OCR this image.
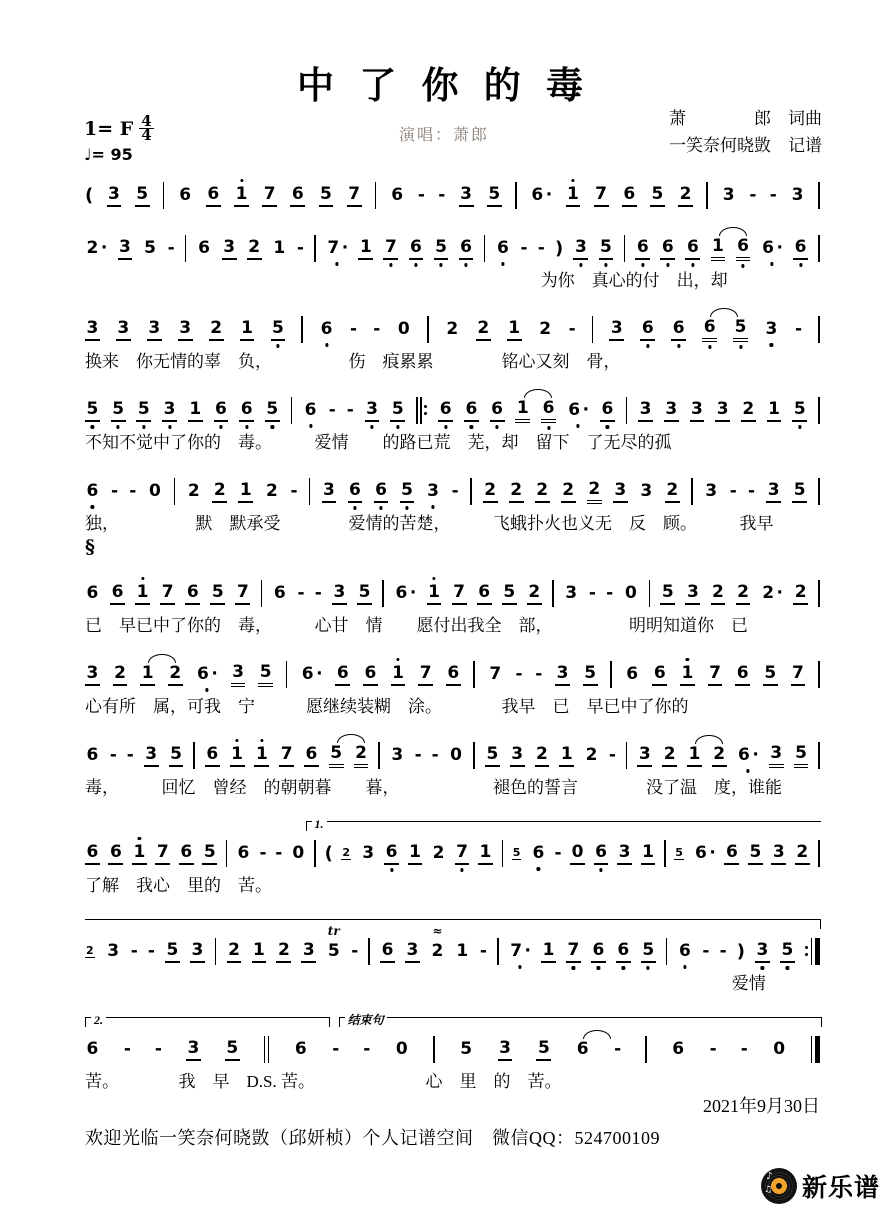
中 了 你 的 毒
演唱：萧郎
萧　　　　郎　词曲
一笑奈何晓敳　记谱
1= F 4
4
♩= 95
( 3 5 6 6 1 7 6 5 7 6 - - 3 5 6 · 1 7 6 5 2 3 - - 3
2 · 3 5 - 6 3 2 1 - 7 · 1 7 6 5 6 6 - - ) 3 5 6 6 6 1 6 6 · 6
为你　真心的付　出，却
3 3 3 3 2 1 5 6 - - 0 2 2 1 2 - 3 6 6 6 5 3 -
换来　你无情的辜　负，　　　　　伤　痕累累　　　　铭心又刻　骨，
5 5 5 3 1 6 6 5 6 - - 3 5 6 6 6 1 6 6 · 6 3 3 3 3 2 1 5
不知不觉中了你的　毒。　　　爱情　　的路已荒　芜，却　留下　了无尽的孤
6 - - 0 2 2 1 2 - 3 6 6 5 3 - 2 2 2 2 2 3 3 2 3 - - 3 5
独，　　　　　默　默承受　　　　爱情的苦楚，　　　飞蛾扑火也义无　反　顾。　　　我早
§
6 6 1 7 6 5 7 6 - - 3 5 6 · 1 7 6 5 2 3 - - 0 5 3 2 2 2 · 2
已　早已中了你的　毒，　　　心甘　情　　愿付出我全　部，　　　　　明明知道你　已
3 2 1 2 6 · 3 5 6 · 6 6 1 7 6 7 - - 3 5 6 6 1 7 6 5 7
心有所　属，可我　宁　　　愿继续装糊　涂。　　　　我早　已　早已中了你的
6 - - 3 5 6 1 1 7 6 5 2 3 - - 0 5 3 2 1 2 - 3 2 1 2 6 · 3 5
毒，　　　回忆　曾经　的朝朝暮　　暮，　　　　　　褪色的誓言　　　　没了温　度，谁能
1.
6 6 1 7 6 5 6 - - 0 ( 2 3 6 1 2 7 1 5 6 - 0 6 3 1 5 6 · 6 5 3 2
了解　我心　里的　苦。
2 3 - - 5 3 2 1 2 3 5
tr
- 6 3 2
≈
1 - 7 · 1 7 6 6 5 6 - - ) 3 5
爱情
2.	结束句
6 - - 3 5	6 - - 0	5 3 5 6 -	6 - - 0
苦。　　　　我　早　D.S. 苦。　　　　　　　心　里　的　苦。
2021年9月30日
欢迎光临一笑奈何晓敳（邱妍桢）个人记谱空间　微信QQ：524700109
♪
♫ 新乐谱
